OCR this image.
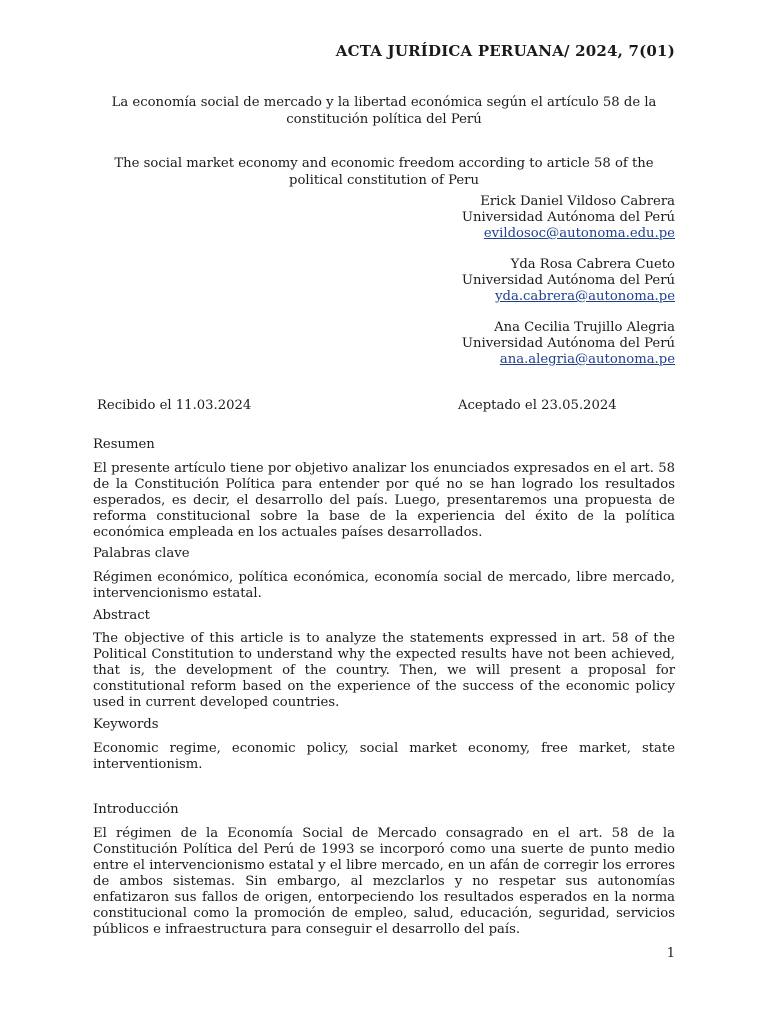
ACTA JURÍDICA PERUANA/ 2024, 7(01)
La economía social de mercado y la libertad económica según el artículo 58 de la constitución política del Perú
The social market economy and economic freedom according to article 58 of the political constitution of Peru
Erick Daniel Vildoso Cabrera
Universidad Autónoma del Perú
evildosoc@autonoma.edu.pe
Yda Rosa Cabrera Cueto
Universidad Autónoma del Perú
yda.cabrera@autonoma.pe
Ana Cecilia Trujillo Alegria
Universidad Autónoma del Perú
ana.alegria@autonoma.pe
Recibido el 11.03.2024	Aceptado el 23.05.2024
Resumen
El presente artículo tiene por objetivo analizar los enunciados expresados en el art. 58 de la Constitución Política para entender por qué no se han logrado los resultados esperados, es decir, el desarrollo del país. Luego, presentaremos una propuesta de reforma constitucional sobre la base de la experiencia del éxito de la política económica empleada en los actuales países desarrollados.
Palabras clave
Régimen económico, política económica, economía social de mercado, libre mercado, intervencionismo estatal.
Abstract
The objective of this article is to analyze the statements expressed in art. 58 of the Political Constitution to understand why the expected results have not been achieved, that is, the development of the country. Then, we will present a proposal for constitutional reform based on the experience of the success of the economic policy used in current developed countries.
Keywords
Economic regime, economic policy, social market economy, free market, state interventionism.
Introducción
El régimen de la Economía Social de Mercado consagrado en el art. 58 de la Constitución Política del Perú de 1993 se incorporó como una suerte de punto medio entre el intervencionismo estatal y el libre mercado, en un afán de corregir los errores de ambos sistemas. Sin embargo, al mezclarlos y no respetar sus autonomías enfatizaron sus fallos de origen, entorpeciendo los resultados esperados en la norma constitucional como la promoción de empleo, salud, educación, seguridad, servicios públicos e infraestructura para conseguir el desarrollo del país.
1
